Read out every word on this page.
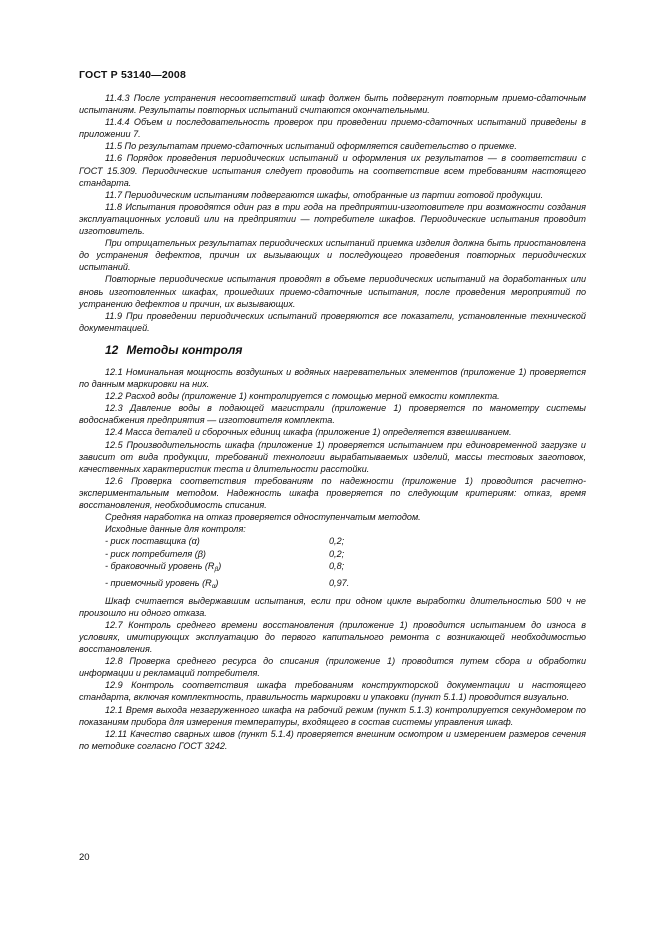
ГОСТ Р 53140—2008

11.4.3 После устранения несоответствий шкаф должен быть подвергнут повторным приемо-сдаточным испытаниям. Результаты повторных испытаний считаются окончательными.

11.4.4 Объем и последовательность проверок при проведении приемо-сдаточных испытаний приведены в приложении 7.

11.5 По результатам приемо-сдаточных испытаний оформляется свидетельство о приемке.

11.6 Порядок проведения периодических испытаний и оформления их результатов — в соответствии с ГОСТ 15.309. Периодические испытания следует проводить на соответствие всем требованиям настоящего стандарта.

11.7 Периодическим испытаниям подвергаются шкафы, отобранные из партии готовой продукции.

11.8 Испытания проводятся один раз в три года на предприятии-изготовителе при возможности создания эксплуатационных условий или на предприятии — потребителе шкафов. Периодические испытания проводит изготовитель.

При отрицательных результатах периодических испытаний приемка изделия должна быть приостановлена до устранения дефектов, причин их вызывающих и последующего проведения повторных периодических испытаний.

Повторные периодические испытания проводят в объеме периодических испытаний на доработанных или вновь изготовленных шкафах, прошедших приемо-сдаточные испытания, после проведения мероприятий по устранению дефектов и причин, их вызывающих.

11.9 При проведении периодических испытаний проверяются все показатели, установленные технической документацией.

12 Методы контроля

12.1 Номинальная мощность воздушных и водяных нагревательных элементов (приложение 1) проверяется по данным маркировки на них.

12.2 Расход воды (приложение 1) контролируется с помощью мерной емкости комплекта.

12.3 Давление воды в подающей магистрали (приложение 1) проверяется по манометру системы водоснабжения предприятия — изготовителя комплекта.

12.4 Масса деталей и сборочных единиц шкафа (приложение 1) определяется взвешиванием.

12.5 Производительность шкафа (приложение 1) проверяется испытанием при единовременной загрузке и зависит от вида продукции, требований технологии вырабатываемых изделий, массы тестовых заготовок, качественных характеристик теста и длительности расстойки.

12.6 Проверка соответствия требованиям по надежности (приложение 1) проводится расчетно-экспериментальным методом. Надежность шкафа проверяется по следующим критериям: отказ, время восстановления, необходимость списания.

Средняя наработка на отказ проверяется одноступенчатым методом.

Исходные данные для контроля:

- риск поставщика (α)	0,2;
- риск потребителя (β)	0,2;
- браковочный уровень $(R_\beta)$	0,8;
- приемочный уровень $(R_\alpha)$	0,97.

Шкаф считается выдержавшим испытания, если при одном цикле выработки длительностью 500 ч не произошло ни одного отказа.

12.7 Контроль среднего времени восстановления (приложение 1) проводится испытанием до износа в условиях, имитирующих эксплуатацию до первого капитального ремонта с возникающей необходимостью восстановления.

12.8 Проверка среднего ресурса до списания (приложение 1) проводится путем сбора и обработки информации и рекламаций потребителя.

12.9 Контроль соответствия шкафа требованиям конструкторской документации и настоящего стандарта, включая комплектность, правильность маркировки и упаковки (пункт 5.1.1) проводится визуально.

12.1 Время выхода незагруженного шкафа на рабочий режим (пункт 5.1.3) контролируется секундомером по показаниям прибора для измерения температуры, входящего в состав системы управления шкаф.

12.11 Качество сварных швов (пункт 5.1.4) проверяется внешним осмотром и измерением размеров сечения по методике согласно ГОСТ 3242.

20
